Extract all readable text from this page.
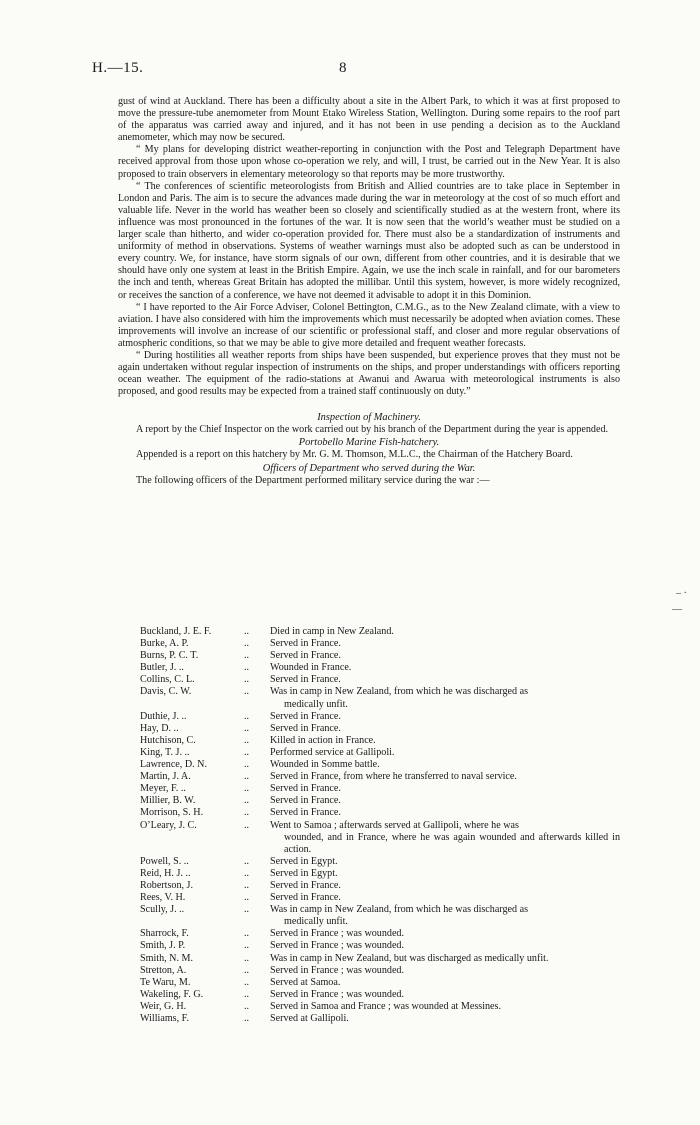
H.—15.	8

gust of wind at Auckland. There has been a difficulty about a site in the Albert Park, to which it was at first proposed to move the pressure-tube anemometer from Mount Etako Wireless Station, Wellington. During some repairs to the roof part of the apparatus was carried away and injured, and it has not been in use pending a decision as to the Auckland anemometer, which may now be secured.

“ My plans for developing district weather-reporting in conjunction with the Post and Telegraph Department have received approval from those upon whose co-operation we rely, and will, I trust, be carried out in the New Year. It is also proposed to train observers in elementary meteorology so that reports may be more trustworthy.

“ The conferences of scientific meteorologists from British and Allied countries are to take place in September in London and Paris. The aim is to secure the advances made during the war in meteorology at the cost of so much effort and valuable life. Never in the world has weather been so closely and scientifically studied as at the western front, where its influence was most pronounced in the fortunes of the war. It is now seen that the world’s weather must be studied on a larger scale than hitherto, and wider co-operation provided for. There must also be a standardization of instruments and uniformity of method in observations. Systems of weather warnings must also be adopted such as can be understood in every country. We, for instance, have storm signals of our own, different from other countries, and it is desirable that we should have only one system at least in the British Empire. Again, we use the inch scale in rainfall, and for our barometers the inch and tenth, whereas Great Britain has adopted the millibar. Until this system, however, is more widely recognized, or receives the sanction of a conference, we have not deemed it advisable to adopt it in this Dominion.

“ I have reported to the Air Force Adviser, Colonel Bettington, C.M.G., as to the New Zealand climate, with a view to aviation. I have also considered with him the improvements which must necessarily be adopted when aviation comes. These improvements will involve an increase of our scientific or professional staff, and closer and more regular observations of atmospheric conditions, so that we may be able to give more detailed and frequent weather forecasts.

“ During hostilities all weather reports from ships have been suspended, but experience proves that they must not be again undertaken without regular inspection of instruments on the ships, and proper understandings with officers reporting ocean weather. The equipment of the radio-stations at Awanui and Awarua with meteorological instruments is also proposed, and good results may be expected from a trained staff continuously on duty.”

Inspection of Machinery.

A report by the Chief Inspector on the work carried out by his branch of the Department during the year is appended.

Portobello Marine Fish-hatchery.

Appended is a report on this hatchery by Mr. G. M. Thomson, M.L.C., the Chairman of the Hatchery Board.

Officers of Department who served during the War.

The following officers of the Department performed military service during the war :—

Buckland, J. E. F.	..	Died in camp in New Zealand.
Burke, A. P.	..	Served in France.
Burns, P. C. T.	..	Served in France.
Butler, J. ..	..	Wounded in France.
Collins, C. L.	..	Served in France.
Davis, C. W.	..	Was in camp in New Zealand, from which he was discharged as
medically unfit.
Duthie, J. ..	..	Served in France.
Hay, D. ..	..	Served in France.
Hutchison, C.	..	Killed in action in France.
King, T. J. ..	..	Performed service at Gallipoli.
Lawrence, D. N.	..	Wounded in Somme battle.
Martin, J. A.	..	Served in France, from where he transferred to naval service.
Meyer, F. ..	..	Served in France.
Millier, B. W.	..	Served in France.
Morrison, S. H.	..	Served in France.
O’Leary, J. C.	..	Went to Samoa ; afterwards served at Gallipoli, where he was
wounded, and in France, where he was again wounded and afterwards killed in action.
Powell, S. ..	..	Served in Egypt.
Reid, H. J. ..	..	Served in Egypt.
Robertson, J.	..	Served in France.
Rees, V. H.	..	Served in France.
Scully, J. ..	..	Was in camp in New Zealand, from which he was discharged as
medically unfit.
Sharrock, F.	..	Served in France ; was wounded.
Smith, J. P.	..	Served in France ; was wounded.
Smith, N. M.	..	Was in camp in New Zealand, but was discharged as medically unfit.
Stretton, A.	..	Served in France ; was wounded.
Te Waru, M.	..	Served at Samoa.
Wakeling, F. G.	..	Served in France ; was wounded.
Weir, G. H.	..	Served in Samoa and France ; was wounded at Messines.
Williams, F.	..	Served at Gallipoli.
– ·
—
